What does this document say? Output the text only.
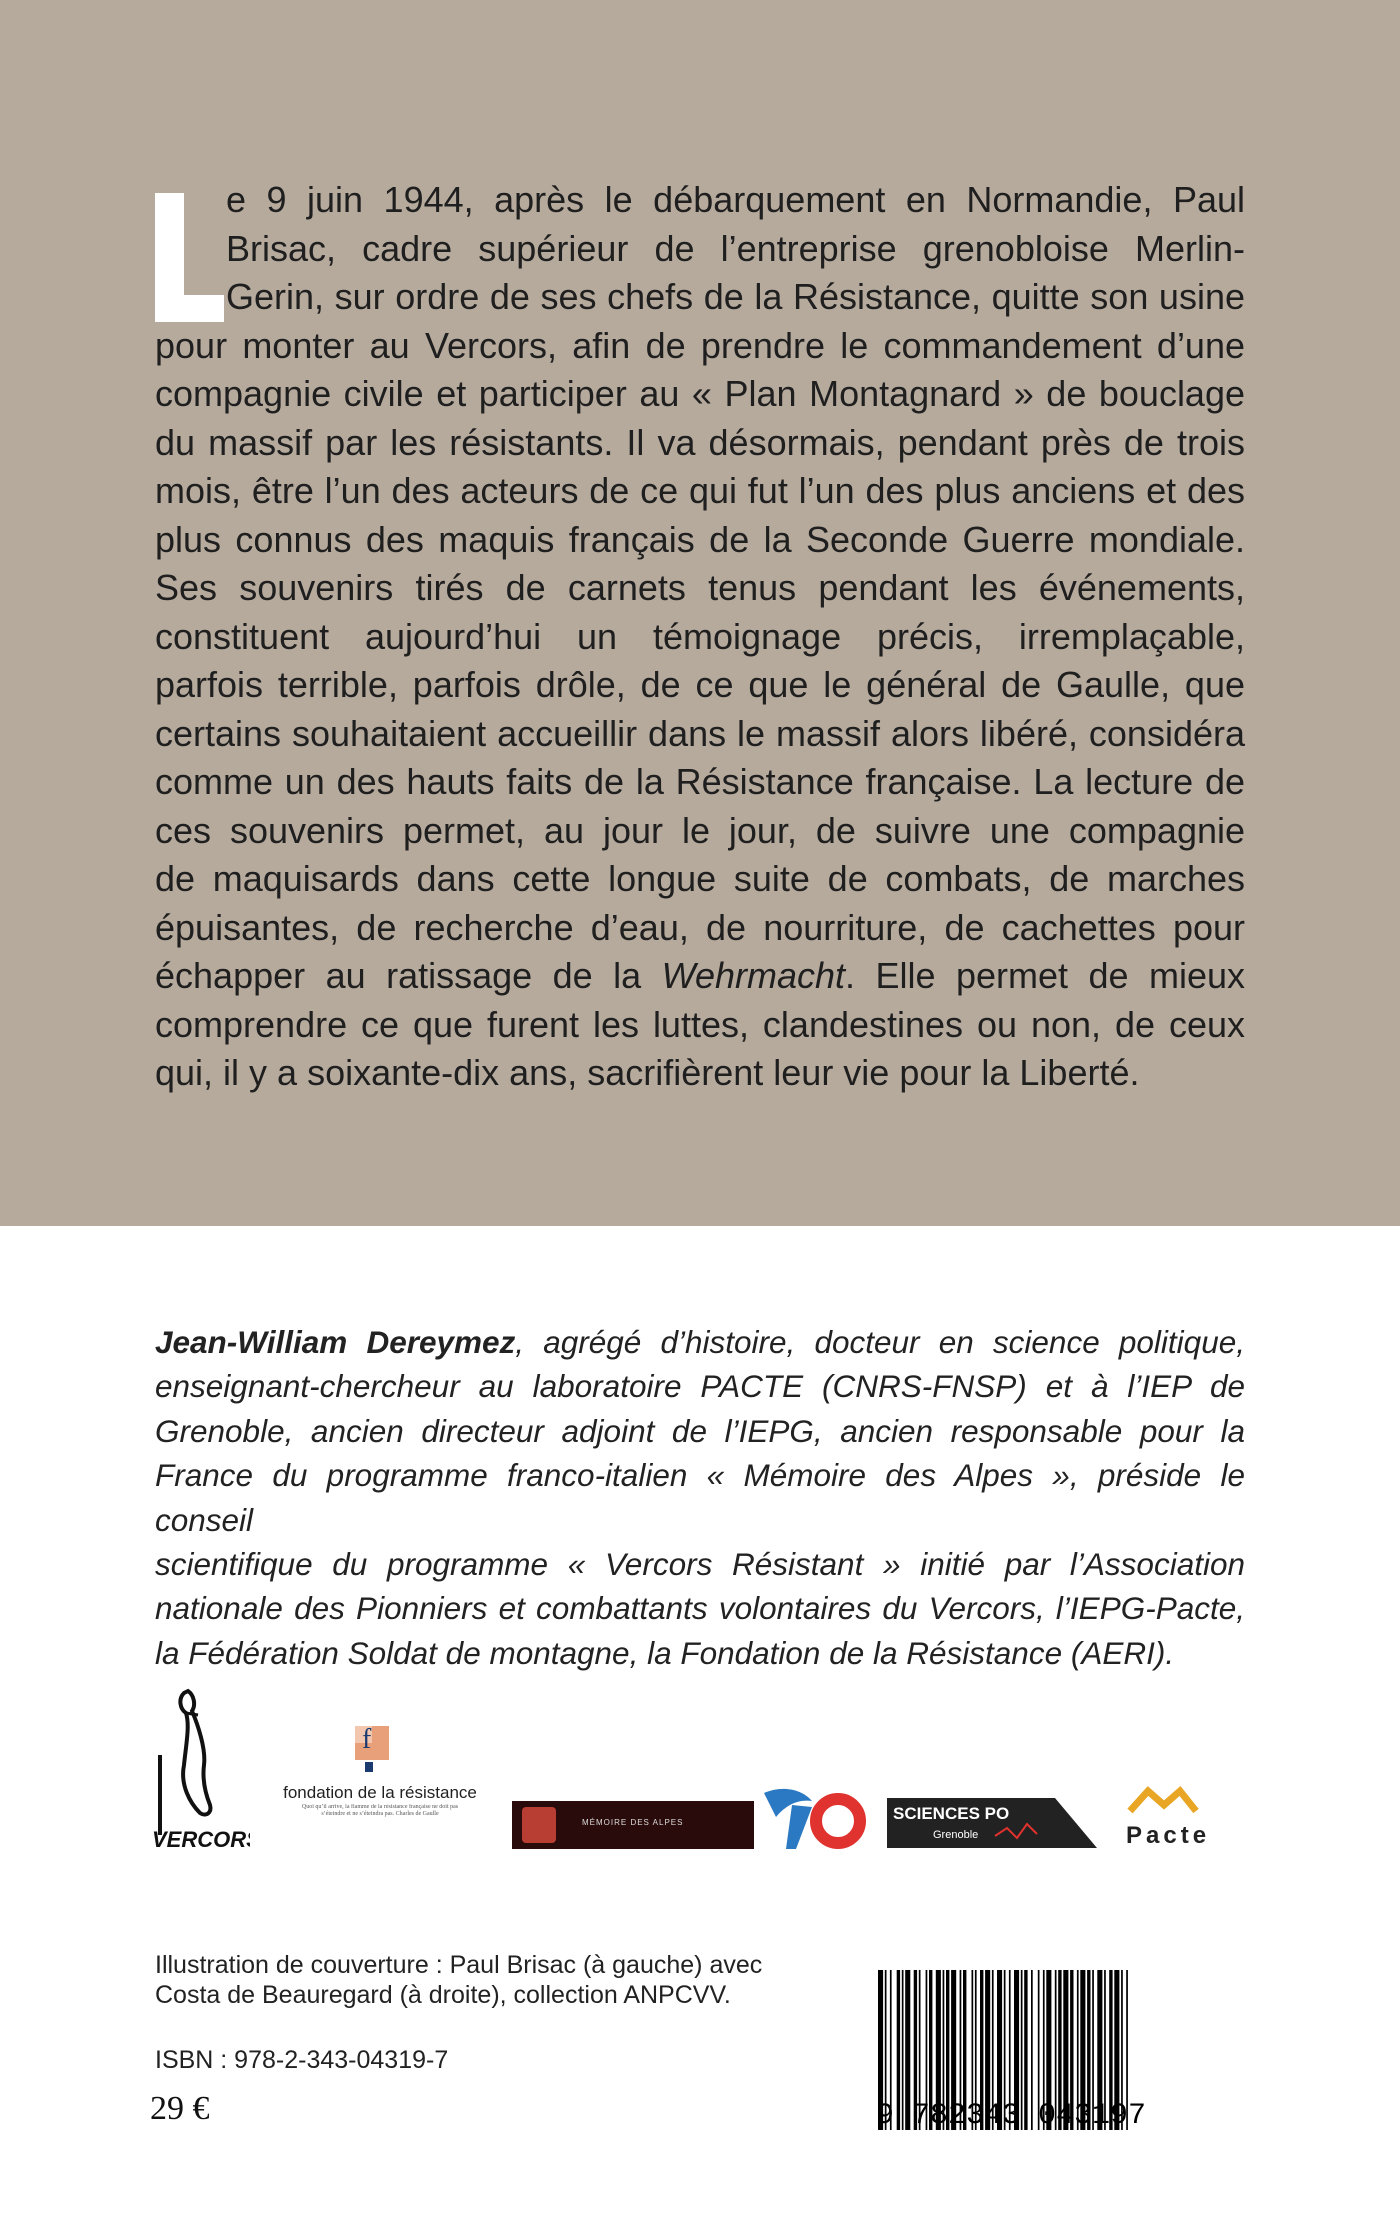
e 9 juin 1944, après le débarquement en Normandie, Paul
Brisac, cadre supérieur de l’entreprise grenobloise Merlin-
Gerin, sur ordre de ses chefs de la Résistance, quitte son usine
pour monter au Vercors, afin de prendre le commandement d’une
compagnie civile et participer au « Plan Montagnard » de bouclage
du massif par les résistants. Il va désormais, pendant près de trois
mois, être l’un des acteurs de ce qui fut l’un des plus anciens et des
plus connus des maquis français de la Seconde Guerre mondiale.
Ses souvenirs tirés de carnets tenus pendant les événements,
constituent aujourd’hui un témoignage précis, irremplaçable,
parfois terrible, parfois drôle, de ce que le général de Gaulle, que
certains souhaitaient accueillir dans le massif alors libéré, considéra
comme un des hauts faits de la Résistance française. La lecture de
ces souvenirs permet, au jour le jour, de suivre une compagnie
de maquisards dans cette longue suite de combats, de marches
épuisantes, de recherche d’eau, de nourriture, de cachettes pour
échapper au ratissage de la Wehrmacht. Elle permet de mieux
comprendre ce que furent les luttes, clandestines ou non, de ceux
qui, il y a soixante-dix ans, sacrifièrent leur vie pour la Liberté.
Jean-William Dereymez, agrégé d’histoire, docteur en science politique,
enseignant-chercheur au laboratoire PACTE (CNRS-FNSP) et à l’IEP de
Grenoble, ancien directeur adjoint de l’IEPG, ancien responsable pour la
France du programme franco-italien « Mémoire des Alpes », préside le conseil
scientifique du programme « Vercors Résistant » initié par l’Association
nationale des Pionniers et combattants volontaires du Vercors, l’IEPG-Pacte,
la Fédération Soldat de montagne, la Fondation de la Résistance (AERI).
VERCORS
f
fondation de la résistance
Quoi qu’il arrive, la flamme de la résistance française ne doit pas s’éteindre et ne s’éteindra pas. Charles de Gaulle
MÉMOIRE DES ALPES
70
SCIENCES PO
Grenoble	Pacte
Illustration de couverture : Paul Brisac (à gauche) avec
Costa de Beauregard (à droite), collection ANPCVV.
ISBN : 978-2-343-04319-7
29 €	9 782343 043197
